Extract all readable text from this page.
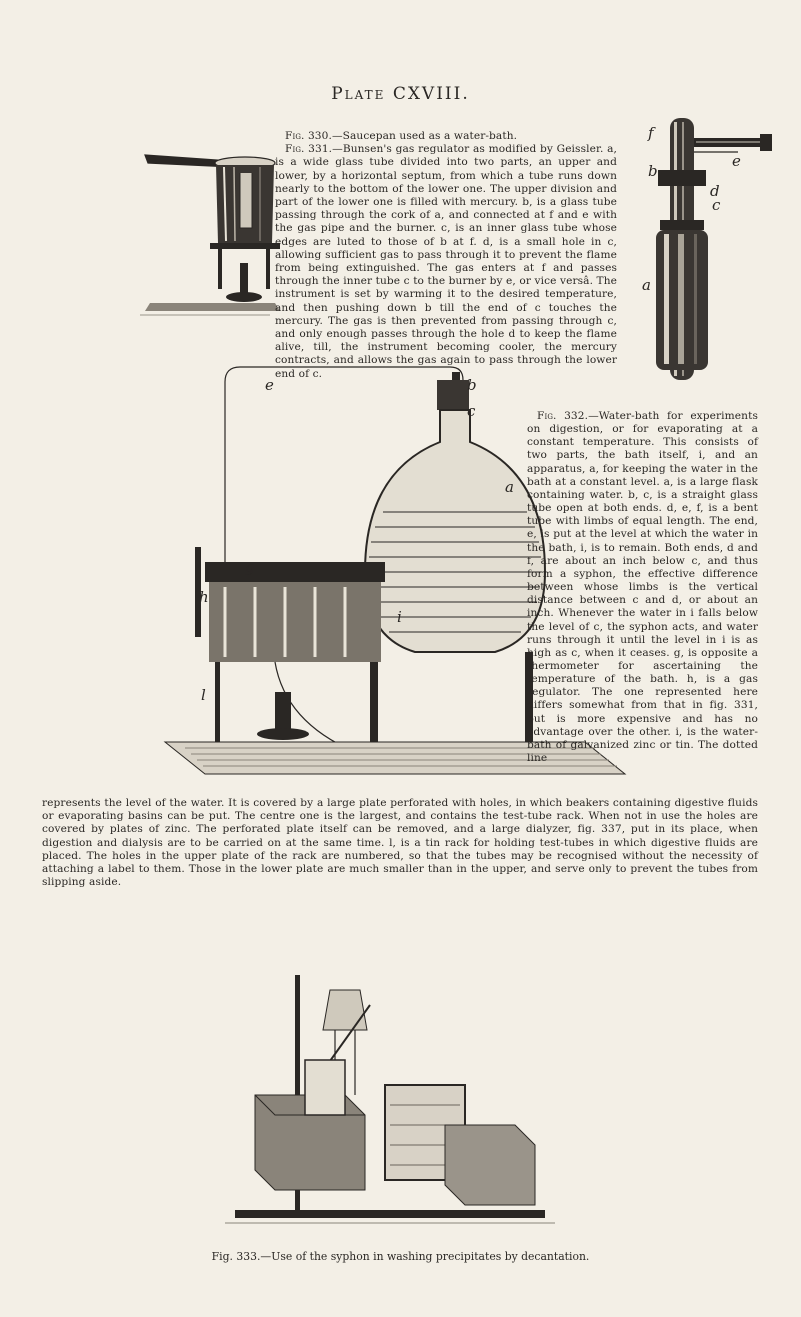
Plate CXVIII.
Fig. 330.—Saucepan used as a water-bath.
Fig. 331.—Bunsen's gas regulator as modified by Geissler. a, is a wide glass tube divided into two parts, an upper and lower, by a horizontal septum, from which a tube runs down nearly to the bottom of the lower one. The upper division and part of the lower one is filled with mercury. b, is a glass tube passing through the cork of a, and connected at f and e with the gas pipe and the burner. c, is an inner glass tube whose edges are luted to those of b at f. d, is a small hole in c, allowing sufficient gas to pass through it to prevent the flame from being extinguished. The gas enters at f and passes through the inner tube c to the burner by e, or vice versâ. The instrument is set by warming it to the desired temperature, and then pushing down b till the end of c touches the mercury. The gas is then prevented from passing through c, and only enough passes through the hole d to keep the flame alive, till, the instrument becoming cooler, the mercury contracts, and allows the gas again to pass through the lower end of c.
f
b
e
d
c
a
e	b
c
a
h
g
l
i
Fig. 332.—Water-bath for experiments on digestion, or for evaporating at a constant temperature. This consists of two parts, the bath itself, i, and an apparatus, a, for keeping the water in the bath at a constant level. a, is a large flask containing water. b, c, is a straight glass tube open at both ends. d, e, f, is a bent tube with limbs of equal length. The end, e, is put at the level at which the water in the bath, i, is to remain. Both ends, d and f, are about an inch below c, and thus form a syphon, the effective difference between whose limbs is the vertical distance between c and d, or about an inch. Whenever the water in i falls below the level of c, the syphon acts, and water runs through it until the level in i is as high as c, when it ceases. g, is opposite a thermometer for ascertaining the temperature of the bath. h, is a gas regulator. The one represented here differs somewhat from that in fig. 331, but is more expensive and has no advantage over the other. i, is the water-bath of galvanized zinc or tin. The dotted line
represents the level of the water. It is covered by a large plate perforated with holes, in which beakers containing digestive fluids or evaporating basins can be put. The centre one is the largest, and contains the test-tube rack. When not in use the holes are covered by plates of zinc. The perforated plate itself can be removed, and a large dialyzer, fig. 337, put in its place, when digestion and dialysis are to be carried on at the same time. l, is a tin rack for holding test-tubes in which digestive fluids are placed. The holes in the upper plate of the rack are numbered, so that the tubes may be recognised without the necessity of attaching a label to them. Those in the lower plate are much smaller than in the upper, and serve only to prevent the tubes from slipping aside.
Fig. 333.—Use of the syphon in washing precipitates by decantation.
